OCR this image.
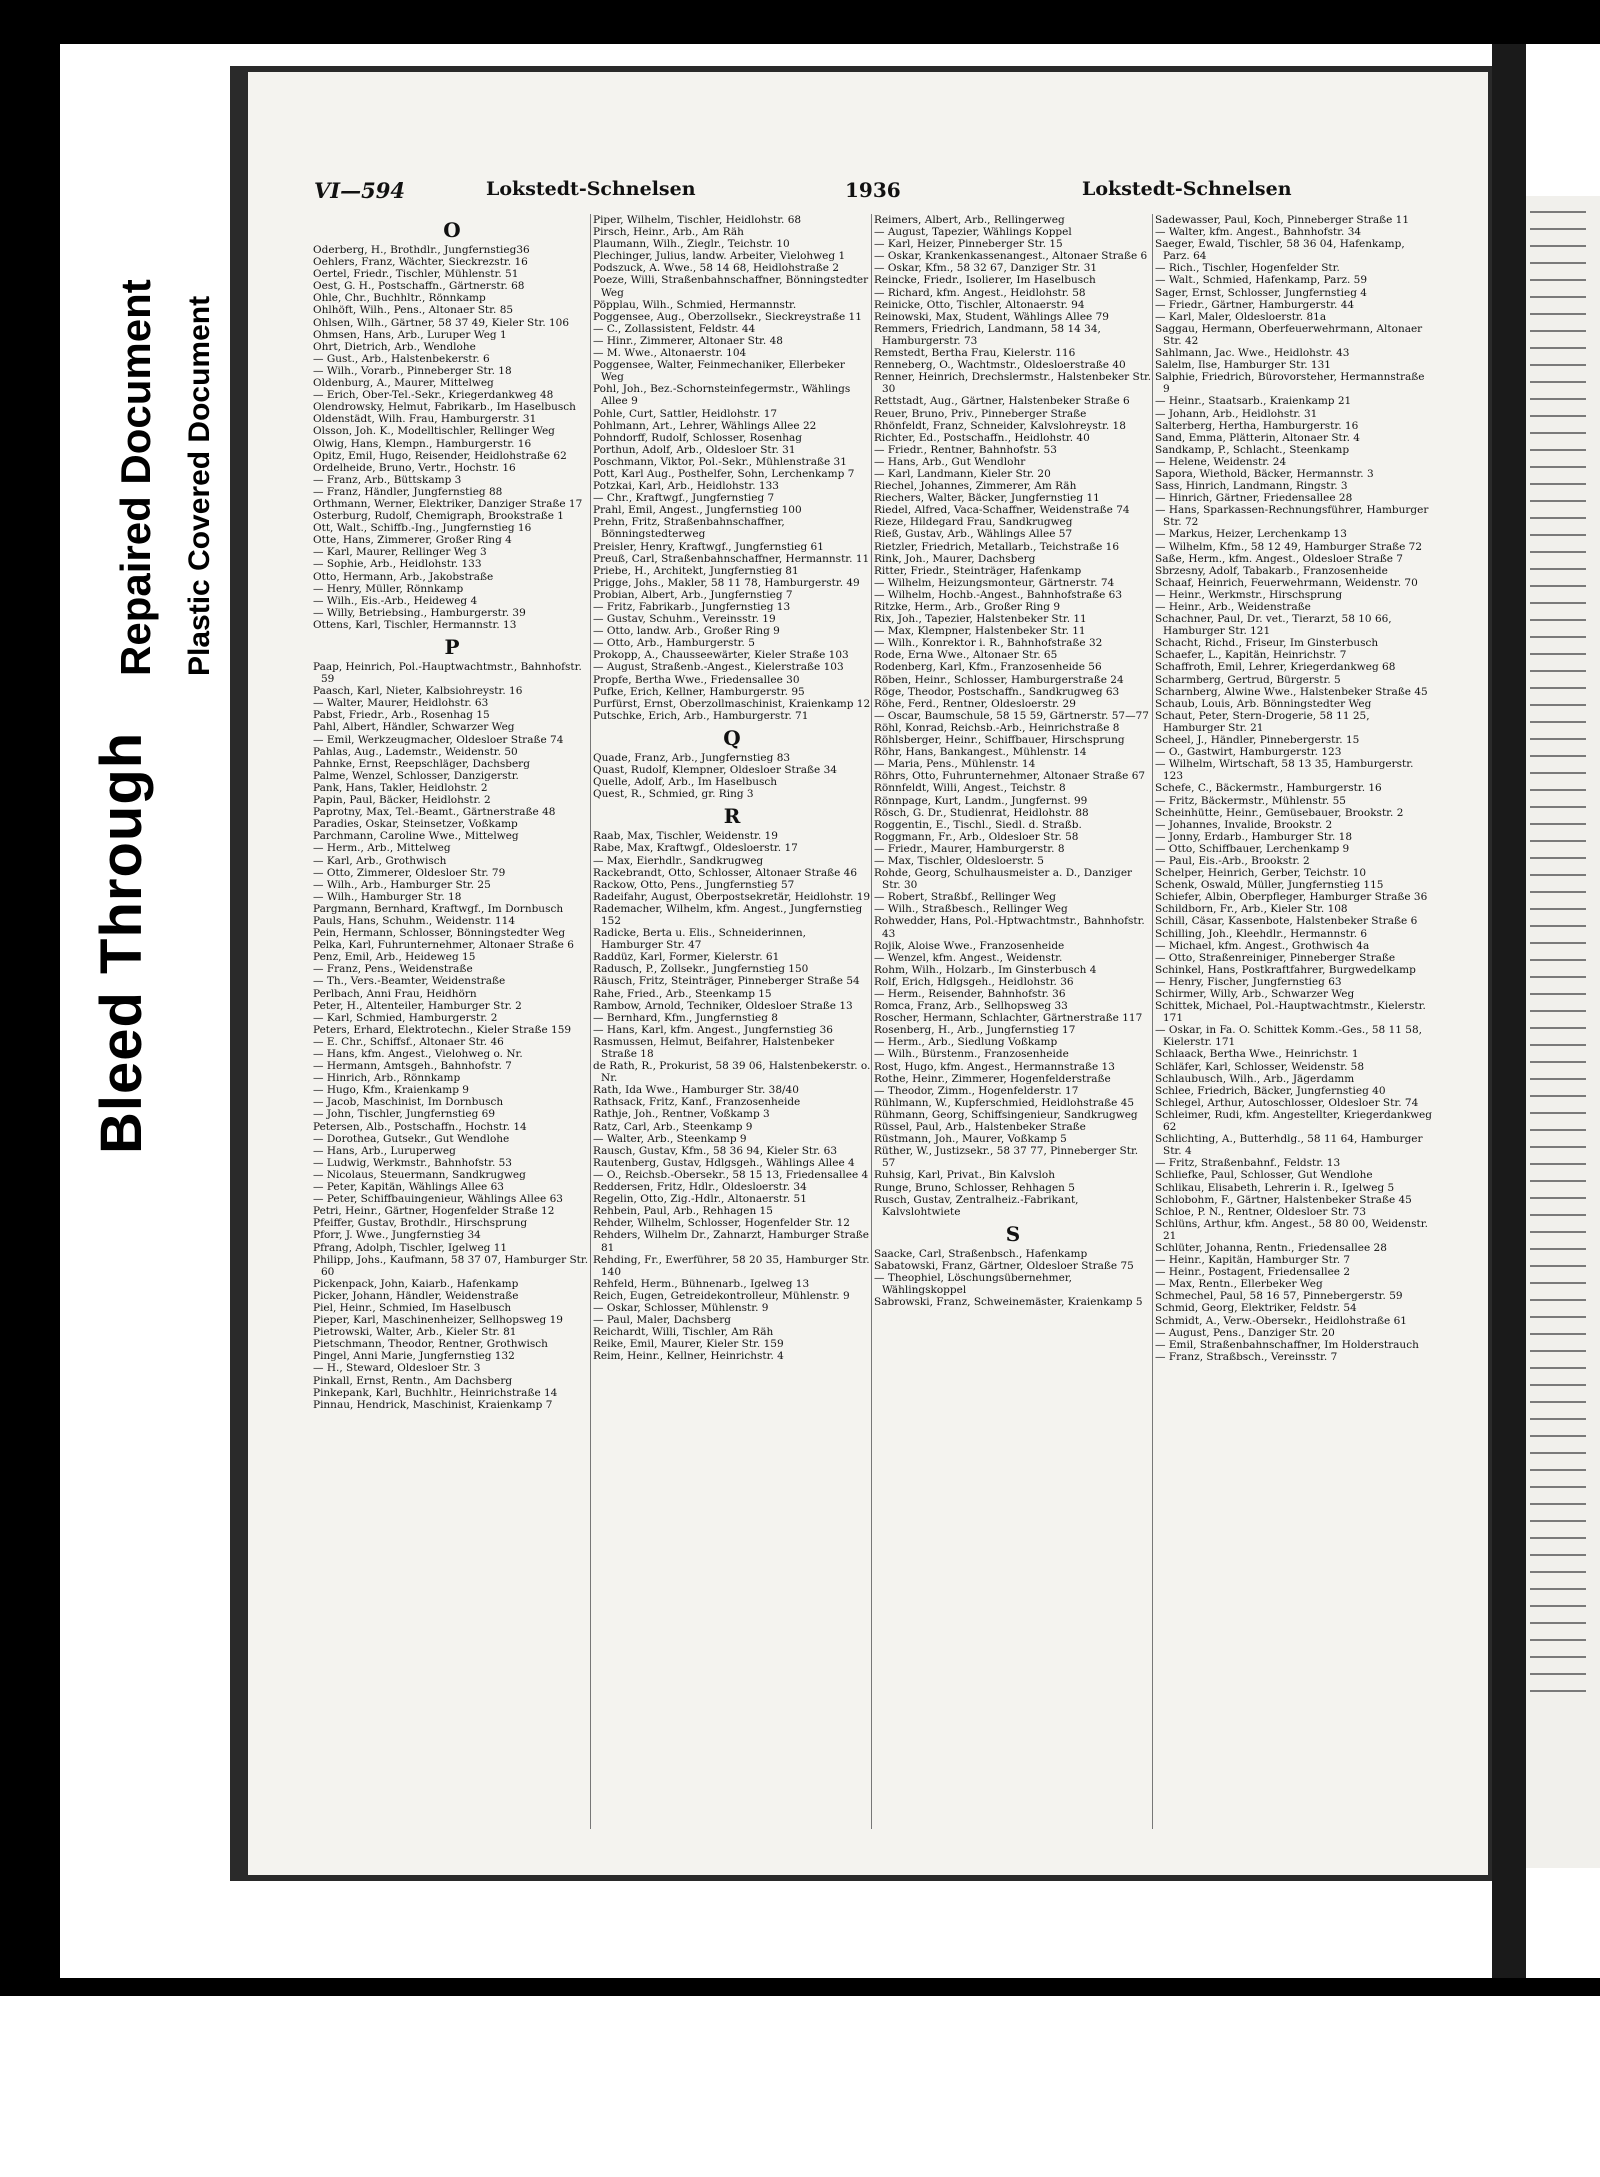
Bleed Through
Repaired Document Plastic Covered Document
VI—594	Lokstedt-Schnelsen	1936	Lokstedt-Schnelsen
O

Oderberg, H., Brothdlr., Jungfernstieg36

Oehlers, Franz, Wächter, Sieckrezstr. 16

Oertel, Friedr., Tischler, Mühlenstr. 51

Oest, G. H., Postschaffn., Gärtnerstr. 68

Ohle, Chr., Buchhltr., Rönnkamp

Ohlhöft, Wilh., Pens., Altonaer Str. 85

Ohlsen, Wilh., Gärtner, 58 37 49, Kieler Str. 106

Ohmsen, Hans, Arb., Luruper Weg 1

Ohrt, Dietrich, Arb., Wendlohe

— Gust., Arb., Halstenbekerstr. 6

— Wilh., Vorarb., Pinneberger Str. 18

Oldenburg, A., Maurer, Mittelweg

— Erich, Ober-Tel.-Sekr., Kriegerdankweg 48

Olendrowsky, Helmut, Fabrikarb., Im Haselbusch

Oldenstädt, Wilh. Frau, Hamburgerstr. 31

Olsson, Joh. K., Modelltischler, Rellinger Weg

Olwig, Hans, Klempn., Hamburgerstr. 16

Opitz, Emil, Hugo, Reisender, Heidlohstraße 62

Ordelheide, Bruno, Vertr., Hochstr. 16

— Franz, Arb., Büttskamp 3

— Franz, Händler, Jungfernstieg 88

Orthmann, Werner, Elektriker, Danziger Straße 17

Osterburg, Rudolf, Chemigraph, Brookstraße 1

Ott, Walt., Schiffb.-Ing., Jungfernstieg 16

Otte, Hans, Zimmerer, Großer Ring 4

— Karl, Maurer, Rellinger Weg 3

— Sophie, Arb., Heidlohstr. 133

Otto, Hermann, Arb., Jakobstraße

— Henry, Müller, Rönnkamp

— Wilh., Eis.-Arb., Heideweg 4

— Willy, Betriebsing., Hamburgerstr. 39

Ottens, Karl, Tischler, Hermannstr. 13

P

Paap, Heinrich, Pol.-Hauptwachtmstr., Bahnhofstr. 59

Paasch, Karl, Nieter, Kalbsiohreystr. 16

— Walter, Maurer, Heidlohstr. 63

Pabst, Friedr., Arb., Rosenhag 15

Pahl, Albert, Händler, Schwarzer Weg

— Emil, Werkzeugmacher, Oldesloer Straße 74

Pahlas, Aug., Lademstr., Weidenstr. 50

Pahnke, Ernst, Reepschläger, Dachsberg

Palme, Wenzel, Schlosser, Danzigerstr.

Pank, Hans, Takler, Heidlohstr. 2

Papin, Paul, Bäcker, Heidlohstr. 2

Paprotny, Max, Tel.-Beamt., Gärtnerstraße 48

Paradies, Oskar, Steinsetzer, Voßkamp

Parchmann, Caroline Wwe., Mittelweg

— Herm., Arb., Mittelweg

— Karl, Arb., Grothwisch

— Otto, Zimmerer, Oldesloer Str. 79

— Wilh., Arb., Hamburger Str. 25

— Wilh., Hamburger Str. 18

Pargmann, Bernhard, Kraftwgf., Im Dornbusch

Pauls, Hans, Schuhm., Weidenstr. 114

Pein, Hermann, Schlosser, Bönningstedter Weg

Pelka, Karl, Fuhrunternehmer, Altonaer Straße 6

Penz, Emil, Arb., Heideweg 15

— Franz, Pens., Weidenstraße

— Th., Vers.-Beamter, Weidenstraße

Perlbach, Anni Frau, Heidhörn

Peter, H., Altenteiler, Hamburger Str. 2

— Karl, Schmied, Hamburgerstr. 2

Peters, Erhard, Elektrotechn., Kieler Straße 159

— E. Chr., Schiffsf., Altonaer Str. 46

— Hans, kfm. Angest., Vielohweg o. Nr.

— Hermann, Amtsgeh., Bahnhofstr. 7

— Hinrich, Arb., Rönnkamp

— Hugo, Kfm., Kraienkamp 9

— Jacob, Maschinist, Im Dornbusch

— John, Tischler, Jungfernstieg 69

Petersen, Alb., Postschaffn., Hochstr. 14

— Dorothea, Gutsekr., Gut Wendlohe

— Hans, Arb., Luruperweg

— Ludwig, Werkmstr., Bahnhofstr. 53

— Nicolaus, Steuermann, Sandkrugweg

— Peter, Kapitän, Wählings Allee 63

— Peter, Schiffbauingenieur, Wählings Allee 63

Petri, Heinr., Gärtner, Hogenfelder Straße 12

Pfeiffer, Gustav, Brothdlr., Hirschsprung

Pforr, J. Wwe., Jungfernstieg 34

Pfrang, Adolph, Tischler, Igelweg 11

Philipp, Johs., Kaufmann, 58 37 07, Hamburger Str. 60

Pickenpack, John, Kaiarb., Hafenkamp

Picker, Johann, Händler, Weidenstraße

Piel, Heinr., Schmied, Im Haselbusch

Pieper, Karl, Maschinenheizer, Sellhopsweg 19

Pietrowski, Walter, Arb., Kieler Str. 81

Pietschmann, Theodor, Rentner, Grothwisch

Pingel, Anni Marie, Jungfernstieg 132

— H., Steward, Oldesloer Str. 3

Pinkall, Ernst, Rentn., Am Dachsberg

Pinkepank, Karl, Buchhltr., Heinrichstraße 14

Pinnau, Hendrick, Maschinist, Kraienkamp 7

Piper, Wilhelm, Tischler, Heidlohstr. 68

Pirsch, Heinr., Arb., Am Räh

Plaumann, Wilh., Zieglr., Teichstr. 10

Plechinger, Julius, landw. Arbeiter, Vielohweg 1

Podszuck, A. Wwe., 58 14 68, Heidlohstraße 2

Poeze, Willi, Straßenbahnschaffner, Bönningstedter Weg

Pöpplau, Wilh., Schmied, Hermannstr.

Poggensee, Aug., Oberzollsekr., Sieckreystraße 11

— C., Zollassistent, Feldstr. 44

— Hinr., Zimmerer, Altonaer Str. 48

— M. Wwe., Altonaerstr. 104

Poggensee, Walter, Feinmechaniker, Ellerbeker Weg

Pohl, Joh., Bez.-Schornsteinfegermstr., Wählings Allee 9

Pohle, Curt, Sattler, Heidlohstr. 17

Pohlmann, Art., Lehrer, Wählings Allee 22

Pohndorff, Rudolf, Schlosser, Rosenhag

Porthun, Adolf, Arb., Oldesloer Str. 31

Poschmann, Viktor, Pol.-Sekr., Mühlenstraße 31

Pott, Karl Aug., Posthelfer, Sohn, Lerchenkamp 7

Potzkai, Karl, Arb., Heidlohstr. 133

— Chr., Kraftwgf., Jungfernstieg 7

Prahl, Emil, Angest., Jungfernstieg 100

Prehn, Fritz, Straßenbahnschaffner, Bönningstedterweg

Preisler, Henry, Kraftwgf., Jungfernstieg 61

Preuß, Carl, Straßenbahnschaffner, Hermannstr. 11

Priebe, H., Architekt, Jungfernstieg 81

Prigge, Johs., Makler, 58 11 78, Hamburgerstr. 49

Probian, Albert, Arb., Jungfernstieg 7

— Fritz, Fabrikarb., Jungfernstieg 13

— Gustav, Schuhm., Vereinsstr. 19

— Otto, landw. Arb., Großer Ring 9

— Otto, Arb., Hamburgerstr. 5

Prokopp, A., Chausseewärter, Kieler Straße 103

— August, Straßenb.-Angest., Kielerstraße 103

Propfe, Bertha Wwe., Friedensallee 30

Pufke, Erich, Kellner, Hamburgerstr. 95

Purfürst, Ernst, Oberzollmaschinist, Kraienkamp 12

Putschke, Erich, Arb., Hamburgerstr. 71

Q

Quade, Franz, Arb., Jungfernstieg 83

Quast, Rudolf, Klempner, Oldesloer Straße 34

Quelle, Adolf, Arb., Im Haselbusch

Quest, R., Schmied, gr. Ring 3

R

Raab, Max, Tischler, Weidenstr. 19

Rabe, Max, Kraftwgf., Oldesloerstr. 17

— Max, Eierhdlr., Sandkrugweg

Rackebrandt, Otto, Schlosser, Altonaer Straße 46

Rackow, Otto, Pens., Jungfernstieg 57

Radeifahr, August, Oberpostsekretär, Heidlohstr. 19

Rademacher, Wilhelm, kfm. Angest., Jungfernstieg 152

Radicke, Berta u. Elis., Schneiderinnen, Hamburger Str. 47

Raddüz, Karl, Former, Kielerstr. 61

Radusch, P., Zollsekr., Jungfernstieg 150

Räusch, Fritz, Steinträger, Pinneberger Straße 54

Rahe, Fried., Arb., Steenkamp 15

Rambow, Arnold, Techniker, Oldesloer Straße 13

— Bernhard, Kfm., Jungfernstieg 8

— Hans, Karl, kfm. Angest., Jungfernstieg 36

Rasmussen, Helmut, Beifahrer, Halstenbeker Straße 18

de Rath, R., Prokurist, 58 39 06, Halstenbekerstr. o. Nr.

Rath, Ida Wwe., Hamburger Str. 38/40

Rathsack, Fritz, Kanf., Franzosenheide

Rathje, Joh., Rentner, Voßkamp 3

Ratz, Carl, Arb., Steenkamp 9

— Walter, Arb., Steenkamp 9

Rausch, Gustav, Kfm., 58 36 94, Kieler Str. 63

Rautenberg, Gustav, Hdlgsgeh., Wählings Allee 4

— O., Reichsb.-Obersekr., 58 15 13, Friedensallee 4

Reddersen, Fritz, Hdlr., Oldesloerstr. 34

Regelin, Otto, Zig.-Hdlr., Altonaerstr. 51

Rehbein, Paul, Arb., Rehhagen 15

Rehder, Wilhelm, Schlosser, Hogenfelder Str. 12

Rehders, Wilhelm Dr., Zahnarzt, Hamburger Straße 81

Rehding, Fr., Ewerführer, 58 20 35, Hamburger Str. 140

Rehfeld, Herm., Bühnenarb., Igelweg 13

Reich, Eugen, Getreidekontrolleur, Mühlenstr. 9

— Oskar, Schlosser, Mühlenstr. 9

— Paul, Maler, Dachsberg

Reichardt, Willi, Tischler, Am Räh

Reike, Emil, Maurer, Kieler Str. 159

Reim, Heinr., Kellner, Heinrichstr. 4

Reimers, Albert, Arb., Rellingerweg

— August, Tapezier, Wählings Koppel

— Karl, Heizer, Pinneberger Str. 15

— Oskar, Krankenkassenangest., Altonaer Straße 6

— Oskar, Kfm., 58 32 67, Danziger Str. 31

Reincke, Friedr., Isolierer, Im Haselbusch

— Richard, kfm. Angest., Heidlohstr. 58

Reinicke, Otto, Tischler, Altonaerstr. 94

Reinowski, Max, Student, Wählings Allee 79

Remmers, Friedrich, Landmann, 58 14 34, Hamburgerstr. 73

Remstedt, Bertha Frau, Kielerstr. 116

Renneberg, O., Wachtmstr., Oldesloerstraße 40

Renner, Heinrich, Drechslermstr., Halstenbeker Str. 30

Rettstadt, Aug., Gärtner, Halstenbeker Straße 6

Reuer, Bruno, Priv., Pinneberger Straße

Rhönfeldt, Franz, Schneider, Kalvslohreystr. 18

Richter, Ed., Postschaffn., Heidlohstr. 40

— Friedr., Rentner, Bahnhofstr. 53

— Hans, Arb., Gut Wendlohr

— Karl, Landmann, Kieler Str. 20

Riechel, Johannes, Zimmerer, Am Räh

Riechers, Walter, Bäcker, Jungfernstieg 11

Riedel, Alfred, Vaca-Schaffner, Weidenstraße 74

Rieze, Hildegard Frau, Sandkrugweg

Rieß, Gustav, Arb., Wählings Allee 57

Rietzler, Friedrich, Metallarb., Teichstraße 16

Rink, Joh., Maurer, Dachsberg

Ritter, Friedr., Steinträger, Hafenkamp

— Wilhelm, Heizungsmonteur, Gärtnerstr. 74

— Wilhelm, Hochb.-Angest., Bahnhofstraße 63

Ritzke, Herm., Arb., Großer Ring 9

Rix, Joh., Tapezier, Halstenbeker Str. 11

— Max, Klempner, Halstenbeker Str. 11

— Wilh., Konrektor i. R., Bahnhofstraße 32

Rode, Erna Wwe., Altonaer Str. 65

Rodenberg, Karl, Kfm., Franzosenheide 56

Röben, Heinr., Schlosser, Hamburgerstraße 24

Röge, Theodor, Postschaffn., Sandkrugweg 63

Röhe, Ferd., Rentner, Oldesloerstr. 29

— Oscar, Baumschule, 58 15 59, Gärtnerstr. 57—77

Röhl, Konrad, Reichsb.-Arb., Heinrichstraße 8

Röhlsberger, Heinr., Schiffbauer, Hirschsprung

Röhr, Hans, Bankangest., Mühlenstr. 14

— Maria, Pens., Mühlenstr. 14

Röhrs, Otto, Fuhrunternehmer, Altonaer Straße 67

Rönnfeldt, Willi, Angest., Teichstr. 8

Rönnpage, Kurt, Landm., Jungfernst. 99

Rösch, G. Dr., Studienrat, Heidlohstr. 88

Roggentin, E., Tischl., Siedl. d. Straßb.

Roggmann, Fr., Arb., Oldesloer Str. 58

— Friedr., Maurer, Hamburgerstr. 8

— Max, Tischler, Oldesloerstr. 5

Rohde, Georg, Schulhausmeister a. D., Danziger Str. 30

— Robert, Straßbf., Rellinger Weg

— Wilh., Straßbesch., Rellinger Weg

Rohwedder, Hans, Pol.-Hptwachtmstr., Bahnhofstr. 43

Rojik, Aloise Wwe., Franzosenheide

— Wenzel, kfm. Angest., Weidenstr.

Rohm, Wilh., Holzarb., Im Ginsterbusch 4

Rolf, Erich, Hdlgsgeh., Heidlohstr. 36

— Herm., Reisender, Bahnhofstr. 36

Romca, Franz, Arb., Sellhopsweg 33

Roscher, Hermann, Schlachter, Gärtnerstraße 117

Rosenberg, H., Arb., Jungfernstieg 17

— Herm., Arb., Siedlung Voßkamp

— Wilh., Bürstenm., Franzosenheide

Rost, Hugo, kfm. Angest., Hermannstraße 13

Rothe, Heinr., Zimmerer, Hogenfelderstraße

— Theodor, Zimm., Hogenfelderstr. 17

Rühlmann, W., Kupferschmied, Heidlohstraße 45

Rühmann, Georg, Schiffsingenieur, Sandkrugweg

Rüssel, Paul, Arb., Halstenbeker Straße

Rüstmann, Joh., Maurer, Voßkamp 5

Rüther, W., Justizsekr., 58 37 77, Pinneberger Str. 57

Ruhsig, Karl, Privat., Bin Kalvsloh

Runge, Bruno, Schlosser, Rehhagen 5

Rusch, Gustav, Zentralheiz.-Fabrikant, Kalvslohtwiete

S

Saacke, Carl, Straßenbsch., Hafenkamp

Sabatowski, Franz, Gärtner, Oldesloer Straße 75

— Theophiel, Löschungsübernehmer, Wählingskoppel

Sabrowski, Franz, Schweinemäster, Kraienkamp 5

Sadewasser, Paul, Koch, Pinneberger Straße 11

— Walter, kfm. Angest., Bahnhofstr. 34

Saeger, Ewald, Tischler, 58 36 04, Hafenkamp, Parz. 64

— Rich., Tischler, Hogenfelder Str.

— Walt., Schmied, Hafenkamp, Parz. 59

Sager, Ernst, Schlosser, Jungfernstieg 4

— Friedr., Gärtner, Hamburgerstr. 44

— Karl, Maler, Oldesloerstr. 81a

Saggau, Hermann, Oberfeuerwehrmann, Altonaer Str. 42

Sahlmann, Jac. Wwe., Heidlohstr. 43

Salelm, Ilse, Hamburger Str. 131

Salphie, Friedrich, Bürovorsteher, Hermannstraße 9

— Heinr., Staatsarb., Kraienkamp 21

— Johann, Arb., Heidlohstr. 31

Salterberg, Hertha, Hamburgerstr. 16

Sand, Emma, Plätterin, Altonaer Str. 4

Sandkamp, P., Schlacht., Steenkamp

— Helene, Weidenstr. 24

Sapora, Wiethold, Bäcker, Hermannstr. 3

Sass, Hinrich, Landmann, Ringstr. 3

— Hinrich, Gärtner, Friedensallee 28

— Hans, Sparkassen-Rechnungsführer, Hamburger Str. 72

— Markus, Heizer, Lerchenkamp 13

— Wilhelm, Kfm., 58 12 49, Hamburger Straße 72

Saße, Herm., kfm. Angest., Oldesloer Straße 7

Sbrzesny, Adolf, Tabakarb., Franzosenheide

Schaaf, Heinrich, Feuerwehrmann, Weidenstr. 70

— Heinr., Werkmstr., Hirschsprung

— Heinr., Arb., Weidenstraße

Schachner, Paul, Dr. vet., Tierarzt, 58 10 66, Hamburger Str. 121

Schacht, Richd., Friseur, Im Ginsterbusch

Schaefer, L., Kapitän, Heinrichstr. 7

Schaffroth, Emil, Lehrer, Kriegerdankweg 68

Scharmberg, Gertrud, Bürgerstr. 5

Scharnberg, Alwine Wwe., Halstenbeker Straße 45

Schaub, Louis, Arb. Bönningstedter Weg

Schaut, Peter, Stern-Drogerie, 58 11 25, Hamburger Str. 21

Scheel, J., Händler, Pinnebergerstr. 15

— O., Gastwirt, Hamburgerstr. 123

— Wilhelm, Wirtschaft, 58 13 35, Hamburgerstr. 123

Schefe, C., Bäckermstr., Hamburgerstr. 16

— Fritz, Bäckermstr., Mühlenstr. 55

Scheinhütte, Heinr., Gemüsebauer, Brookstr. 2

— Johannes, Invalide, Brookstr. 2

— Jonny, Erdarb., Hamburger Str. 18

— Otto, Schiffbauer, Lerchenkamp 9

— Paul, Eis.-Arb., Brookstr. 2

Schelper, Heinrich, Gerber, Teichstr. 10

Schenk, Oswald, Müller, Jungfernstieg 115

Schiefer, Albin, Oberpfleger, Hamburger Straße 36

Schildborn, Fr., Arb., Kieler Str. 108

Schill, Cäsar, Kassenbote, Halstenbeker Straße 6

Schilling, Joh., Kleehdlr., Hermannstr. 6

— Michael, kfm. Angest., Grothwisch 4a

— Otto, Straßenreiniger, Pinneberger Straße

Schinkel, Hans, Postkraftfahrer, Burgwedelkamp

— Henry, Fischer, Jungfernstieg 63

Schirmer, Willy, Arb., Schwarzer Weg

Schittek, Michael, Pol.-Hauptwachtmstr., Kielerstr. 171

— Oskar, in Fa. O. Schittek Komm.-Ges., 58 11 58, Kielerstr. 171

Schlaack, Bertha Wwe., Heinrichstr. 1

Schläfer, Karl, Schlosser, Weidenstr. 58

Schlaubusch, Wilh., Arb., Jägerdamm

Schlee, Friedrich, Bäcker, Jungfernstieg 40

Schlegel, Arthur, Autoschlosser, Oldesloer Str. 74

Schleimer, Rudi, kfm. Angestellter, Kriegerdankweg 62

Schlichting, A., Butterhdlg., 58 11 64, Hamburger Str. 4

— Fritz, Straßenbahnf., Feldstr. 13

Schliefke, Paul, Schlosser, Gut Wendlohe

Schlikau, Elisabeth, Lehrerin i. R., Igelweg 5

Schlobohm, F., Gärtner, Halstenbeker Straße 45

Schloe, P. N., Rentner, Oldesloer Str. 73

Schlüns, Arthur, kfm. Angest., 58 80 00, Weidenstr. 21

Schlüter, Johanna, Rentn., Friedensallee 28

— Heinr., Kapitän, Hamburger Str. 7

— Heinr., Postagent, Friedensallee 2

— Max, Rentn., Ellerbeker Weg

Schmechel, Paul, 58 16 57, Pinnebergerstr. 59

Schmid, Georg, Elektriker, Feldstr. 54

Schmidt, A., Verw.-Obersekr., Heidlohstraße 61

— August, Pens., Danziger Str. 20

— Emil, Straßenbahnschaffner, Im Holderstrauch

— Franz, Straßbsch., Vereinsstr. 7
